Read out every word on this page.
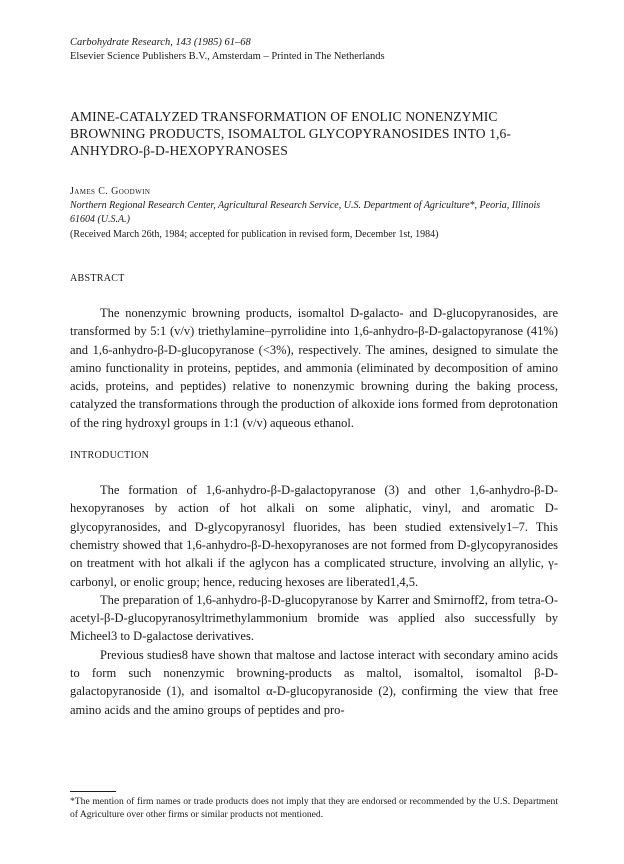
Carbohydrate Research, 143 (1985) 61–68
Elsevier Science Publishers B.V., Amsterdam – Printed in The Netherlands
AMINE-CATALYZED TRANSFORMATION OF ENOLIC NONENZYMIC BROWNING PRODUCTS, ISOMALTOL GLYCOPYRANOSIDES INTO 1,6-ANHYDRO-β-D-HEXOPYRANOSES
James C. Goodwin
Northern Regional Research Center, Agricultural Research Service, U.S. Department of Agriculture*, Peoria, Illinois 61604 (U.S.A.)
(Received March 26th, 1984; accepted for publication in revised form, December 1st, 1984)
ABSTRACT

The nonenzymic browning products, isomaltol D-galacto- and D-glucopyranosides, are transformed by 5:1 (v/v) triethylamine–pyrrolidine into 1,6-anhydro-β-D-galactopyranose (41%) and 1,6-anhydro-β-D-glucopyranose (<3%), respectively. The amines, designed to simulate the amino functionality in proteins, peptides, and ammonia (eliminated by decomposition of amino acids, proteins, and peptides) relative to nonenzymic browning during the baking process, catalyzed the transformations through the production of alkoxide ions formed from deprotonation of the ring hydroxyl groups in 1:1 (v/v) aqueous ethanol.

INTRODUCTION

The formation of 1,6-anhydro-β-D-galactopyranose (3) and other 1,6-anhydro-β-D-hexopyranoses by action of hot alkali on some aliphatic, vinyl, and aromatic D-glycopyranosides, and D-glycopyranosyl fluorides, has been studied extensively1–7. This chemistry showed that 1,6-anhydro-β-D-hexopyranoses are not formed from D-glycopyranosides on treatment with hot alkali if the aglycon has a complicated structure, involving an allylic, γ-carbonyl, or enolic group; hence, reducing hexoses are liberated1,4,5.

The preparation of 1,6-anhydro-β-D-glucopyranose by Karrer and Smirnoff2, from tetra-O-acetyl-β-D-glucopyranosyltrimethylammonium bromide was applied also successfully by Micheel3 to D-galactose derivatives.

Previous studies8 have shown that maltose and lactose interact with secondary amino acids to form such nonenzymic browning-products as maltol, isomaltol, isomaltol β-D-galactopyranoside (1), and isomaltol α-D-glucopyranoside (2), confirming the view that free amino acids and the amino groups of peptides and pro-

*The mention of firm names or trade products does not imply that they are endorsed or recommended by the U.S. Department of Agriculture over other firms or similar products not mentioned.
